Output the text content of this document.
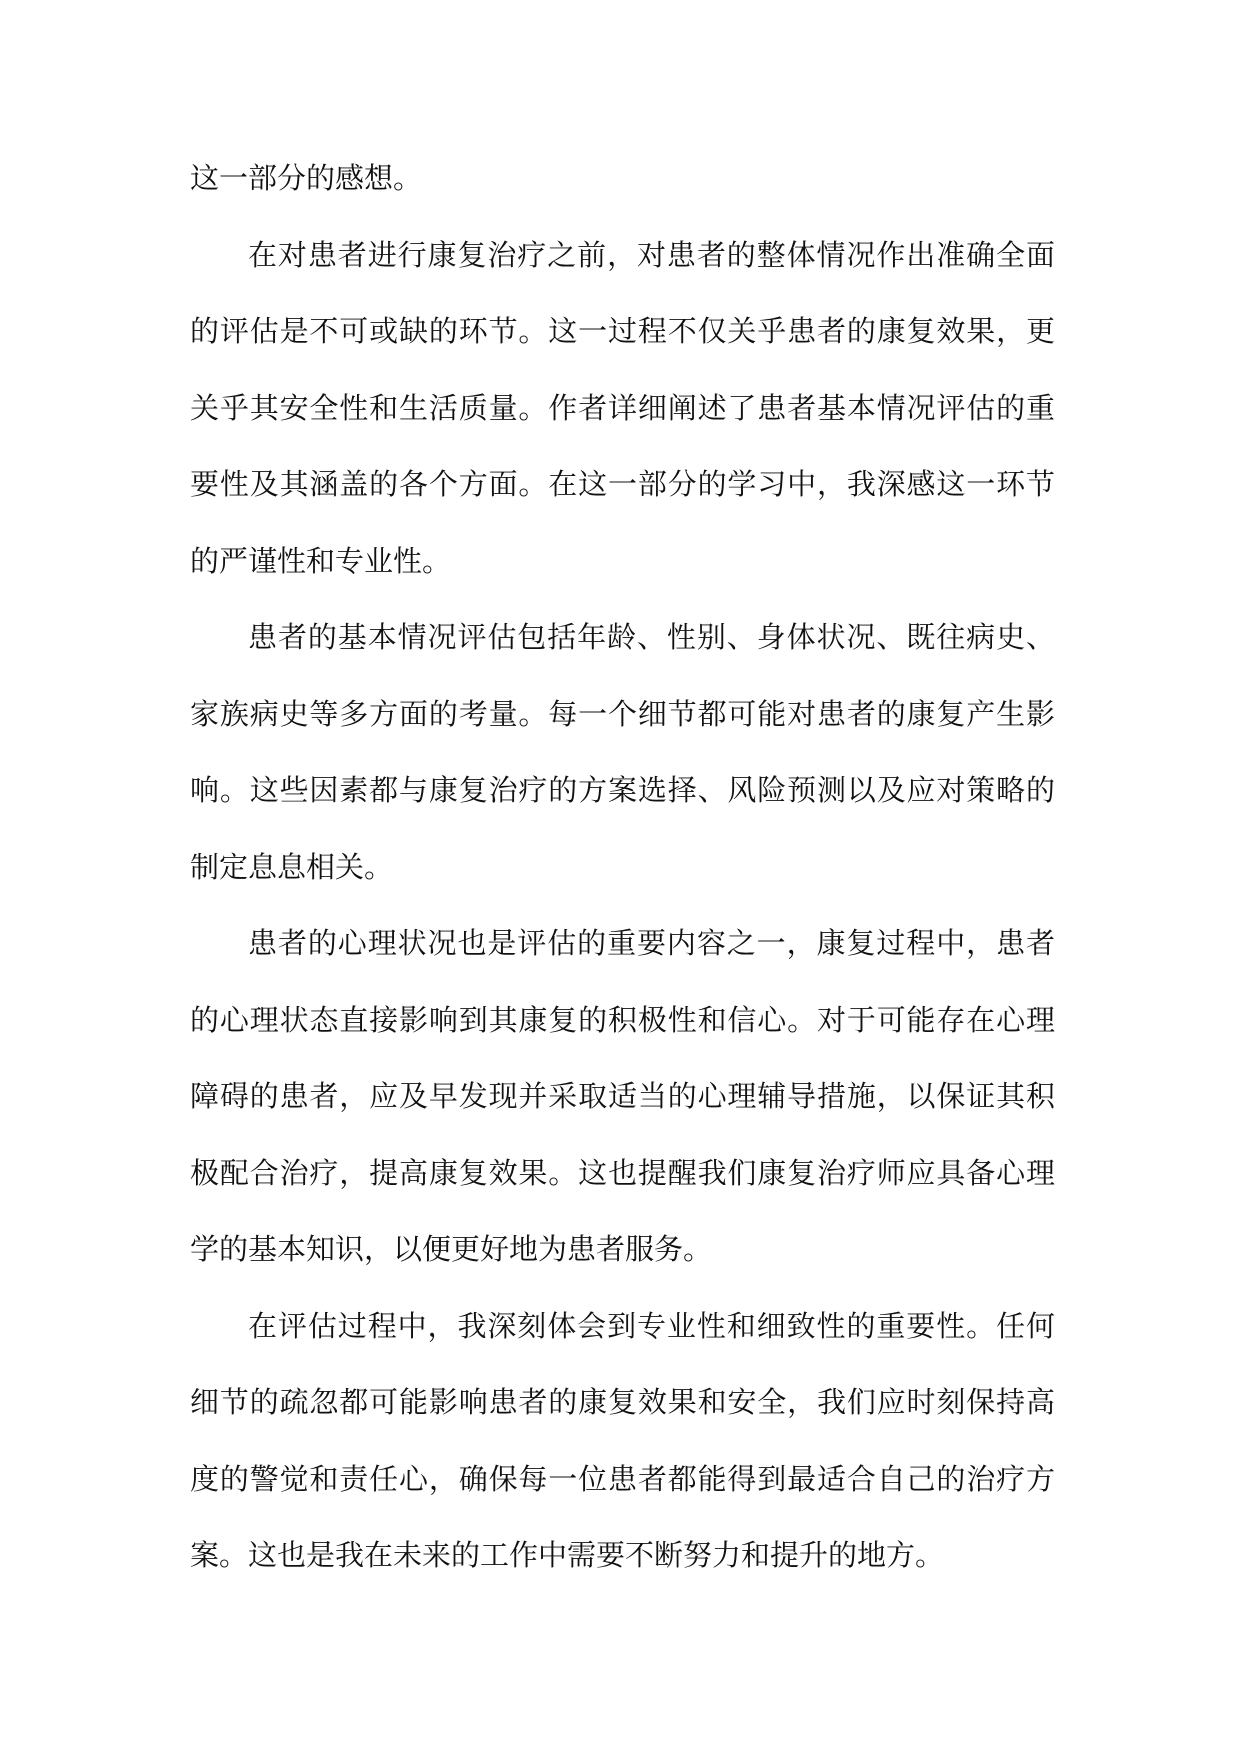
这一部分的感想。

在对患者进行康复治疗之前，对患者的整体情况作出准确全面的评估是不可或缺的环节。这一过程不仅关乎患者的康复效果，更关乎其安全性和生活质量。作者详细阐述了患者基本情况评估的重要性及其涵盖的各个方面。在这一部分的学习中，我深感这一环节的严谨性和专业性。

患者的基本情况评估包括年龄、性别、身体状况、既往病史、家族病史等多方面的考量。每一个细节都可能对患者的康复产生影响。这些因素都与康复治疗的方案选择、风险预测以及应对策略的制定息息相关。

患者的心理状况也是评估的重要内容之一，康复过程中，患者的心理状态直接影响到其康复的积极性和信心。对于可能存在心理障碍的患者，应及早发现并采取适当的心理辅导措施，以保证其积极配合治疗，提高康复效果。这也提醒我们康复治疗师应具备心理学的基本知识，以便更好地为患者服务。

在评估过程中，我深刻体会到专业性和细致性的重要性。任何细节的疏忽都可能影响患者的康复效果和安全，我们应时刻保持高度的警觉和责任心，确保每一位患者都能得到最适合自己的治疗方案。这也是我在未来的工作中需要不断努力和提升的地方。
